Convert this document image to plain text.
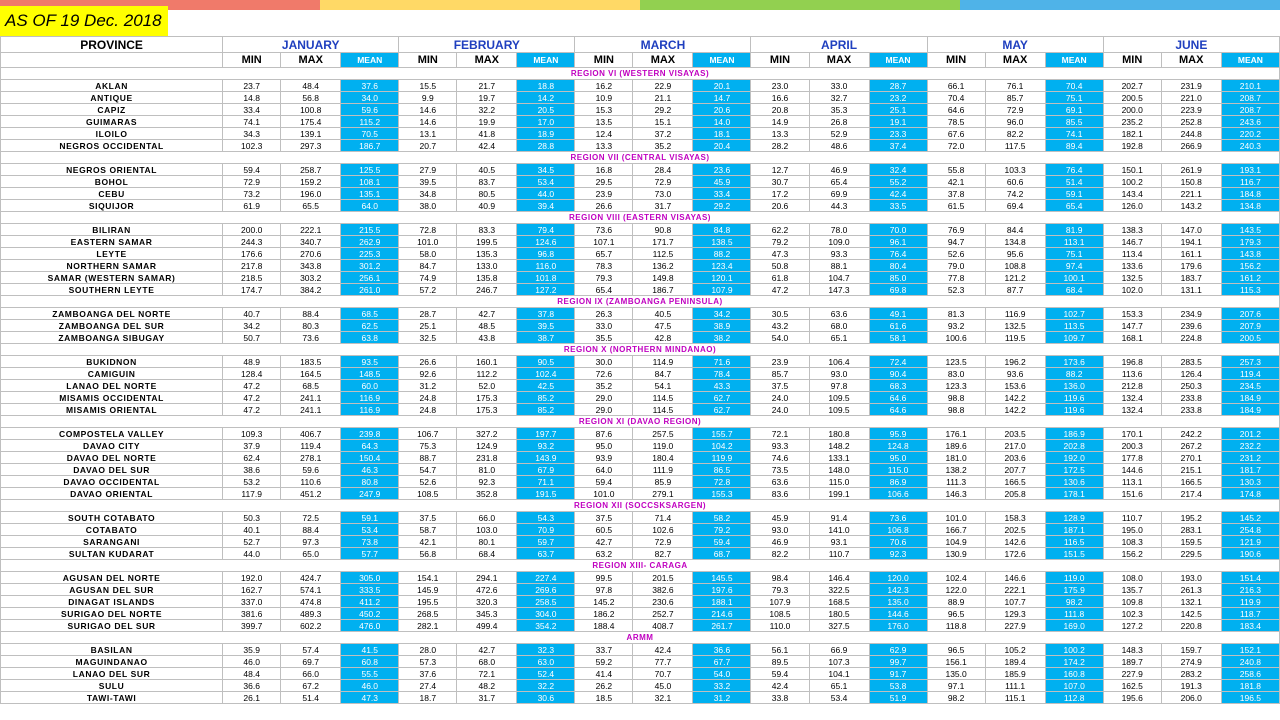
AS OF 19 Dec. 2018
PROVINCE	JANUARY			FEBRUARY			MARCH			APRIL			MAY			JUNE		
	MIN	MAX	MEAN	MIN	MAX	MEAN	MIN	MAX	MEAN	MIN	MAX	MEAN	MIN	MAX	MEAN	MIN	MAX	MEAN
REGION VI (WESTERN VISAYAS)																		
AKLAN	23.7	48.4	37.6	15.5	21.7	18.8	16.2	22.9	20.1	23.0	33.0	28.7	66.1	76.1	70.4	202.7	231.9	210.1
ANTIQUE	14.8	56.8	34.0	9.9	19.7	14.2	10.9	21.1	14.7	16.6	32.7	23.2	70.4	85.7	75.1	200.5	221.0	208.7
CAPIZ	33.4	100.8	59.6	14.6	32.2	20.5	15.3	29.2	20.6	20.8	35.3	25.1	64.6	72.9	69.1	200.0	223.9	208.7
GUIMARAS	74.1	175.4	115.2	14.6	19.9	17.0	13.5	15.1	14.0	14.9	26.8	19.1	78.5	96.0	85.5	235.2	252.8	243.6
ILOILO	34.3	139.1	70.5	13.1	41.8	18.9	12.4	37.2	18.1	13.3	52.9	23.3	67.6	82.2	74.1	182.1	244.8	220.2
NEGROS OCCIDENTAL	102.3	297.3	186.7	20.7	42.4	28.8	13.3	35.2	20.4	28.2	48.6	37.4	72.0	117.5	89.4	192.8	266.9	240.3
REGION VII (CENTRAL VISAYAS)																		
NEGROS ORIENTAL	59.4	258.7	125.5	27.9	40.5	34.5	16.8	28.4	23.6	12.7	46.9	32.4	55.8	103.3	76.4	150.1	261.9	193.1
BOHOL	72.9	159.2	108.1	39.5	83.7	53.4	29.5	72.9	45.9	30.7	65.4	55.2	42.1	60.6	51.4	100.2	150.8	116.7
CEBU	73.2	196.0	135.1	34.8	80.5	44.0	23.9	73.0	33.4	17.2	69.9	42.4	37.8	74.2	59.1	143.4	221.1	184.8
SIQUIJOR	61.9	65.5	64.0	38.0	40.9	39.4	26.6	31.7	29.2	20.6	44.3	33.5	61.5	69.4	65.4	126.0	143.2	134.8
REGION VIII (EASTERN VISAYAS)																		
BILIRAN	200.0	222.1	215.5	72.8	83.3	79.4	73.6	90.8	84.8	62.2	78.0	70.0	76.9	84.4	81.9	138.3	147.0	143.5
EASTERN SAMAR	244.3	340.7	262.9	101.0	199.5	124.6	107.1	171.7	138.5	79.2	109.0	96.1	94.7	134.8	113.1	146.7	194.1	179.3
LEYTE	176.6	270.6	225.3	58.0	135.3	96.8	65.7	112.5	88.2	47.3	93.3	76.4	52.6	95.6	75.1	113.4	161.1	143.8
NORTHERN SAMAR	217.8	343.8	301.2	84.7	133.0	116.0	78.3	136.2	123.4	50.8	88.1	80.4	79.0	108.8	97.4	133.6	179.6	156.2
SAMAR (WESTERN SAMAR)	218.5	303.2	256.1	74.9	135.8	101.8	79.3	149.8	120.1	61.8	104.7	85.0	77.8	121.2	100.1	132.5	183.7	161.2
SOUTHERN LEYTE	174.7	384.2	261.0	57.2	246.7	127.2	65.4	186.7	107.9	47.2	147.3	69.8	52.3	87.7	68.4	102.0	131.1	115.3
REGION IX (ZAMBOANGA PENINSULA)																		
ZAMBOANGA DEL NORTE	40.7	88.4	68.5	28.7	42.7	37.8	26.3	40.5	34.2	30.5	63.6	49.1	81.3	116.9	102.7	153.3	234.9	207.6
ZAMBOANGA DEL SUR	34.2	80.3	62.5	25.1	48.5	39.5	33.0	47.5	38.9	43.2	68.0	61.6	93.2	132.5	113.5	147.7	239.6	207.9
ZAMBOANGA SIBUGAY	50.7	73.6	63.8	32.5	43.8	38.7	35.5	42.8	38.2	54.0	65.1	58.1	100.6	119.5	109.7	168.1	224.8	200.5
REGION X (NORTHERN MINDANAO)																		
BUKIDNON	48.9	183.5	93.5	26.6	160.1	90.5	30.0	114.9	71.6	23.9	106.4	72.4	123.5	196.2	173.6	196.8	283.5	257.3
CAMIGUIN	128.4	164.5	148.5	92.6	112.2	102.4	72.6	84.7	78.4	85.7	93.0	90.4	83.0	93.6	88.2	113.6	126.4	119.4
LANAO DEL NORTE	47.2	68.5	60.0	31.2	52.0	42.5	35.2	54.1	43.3	37.5	97.8	68.3	123.3	153.6	136.0	212.8	250.3	234.5
MISAMIS OCCIDENTAL	47.2	241.1	116.9	24.8	175.3	85.2	29.0	114.5	62.7	24.0	109.5	64.6	98.8	142.2	119.6	132.4	233.8	184.9
MISAMIS ORIENTAL	47.2	241.1	116.9	24.8	175.3	85.2	29.0	114.5	62.7	24.0	109.5	64.6	98.8	142.2	119.6	132.4	233.8	184.9
REGION XI (DAVAO REGION)																		
COMPOSTELA VALLEY	109.3	406.7	239.8	106.7	327.2	197.7	87.6	257.5	155.7	72.1	180.8	95.9	176.1	203.5	186.9	170.1	242.2	201.2
DAVAO CITY	37.9	119.4	64.3	75.3	124.9	93.2	95.0	119.0	104.2	93.3	148.2	124.8	189.6	217.0	202.8	200.3	267.2	232.2
DAVAO DEL NORTE	62.4	278.1	150.4	88.7	231.8	143.9	93.9	180.4	119.9	74.6	133.1	95.0	181.0	203.6	192.0	177.8	270.1	231.2
DAVAO DEL SUR	38.6	59.6	46.3	54.7	81.0	67.9	64.0	111.9	86.5	73.5	148.0	115.0	138.2	207.7	172.5	144.6	215.1	181.7
DAVAO OCCIDENTAL	53.2	110.6	80.8	52.6	92.3	71.1	59.4	85.9	72.8	63.6	115.0	86.9	111.3	166.5	130.6	113.1	166.5	130.3
DAVAO ORIENTAL	117.9	451.2	247.9	108.5	352.8	191.5	101.0	279.1	155.3	83.6	199.1	106.6	146.3	205.8	178.1	151.6	217.4	174.8
REGION XII (SOCCSKSARGEN)																		
SOUTH COTABATO	50.3	72.5	59.1	37.5	66.0	54.3	37.5	71.4	58.2	45.9	91.4	73.6	101.0	158.3	128.9	110.7	195.2	145.2
COTABATO	40.1	88.4	53.4	58.7	103.0	70.9	60.5	102.6	79.2	93.0	141.0	106.8	166.7	202.5	187.1	195.0	283.1	254.8
SARANGANI	52.7	97.3	73.8	42.1	80.1	59.7	42.7	72.9	59.4	46.9	93.1	70.6	104.9	142.6	116.5	108.3	159.5	121.9
SULTAN KUDARAT	44.0	65.0	57.7	56.8	68.4	63.7	63.2	82.7	68.7	82.2	110.7	92.3	130.9	172.6	151.5	156.2	229.5	190.6
REGION XIII- CARAGA																		
AGUSAN DEL NORTE	192.0	424.7	305.0	154.1	294.1	227.4	99.5	201.5	145.5	98.4	146.4	120.0	102.4	146.6	119.0	108.0	193.0	151.4
AGUSAN DEL SUR	162.7	574.1	333.5	145.9	472.6	269.6	97.8	382.6	197.6	79.3	322.5	142.3	122.0	222.1	175.9	135.7	261.3	216.3
DINAGAT ISLANDS	337.0	474.8	411.2	195.5	320.3	258.5	145.2	230.6	188.1	107.9	168.5	135.0	88.9	107.7	98.2	109.8	132.1	119.9
SURIGAO DEL NORTE	381.6	489.3	450.2	268.5	345.3	304.0	186.2	252.7	214.6	108.5	180.5	144.6	96.5	129.3	111.8	102.3	142.5	118.7
SURIGAO DEL SUR	399.7	602.2	476.0	282.1	499.4	354.2	188.4	408.7	261.7	110.0	327.5	176.0	118.8	227.9	169.0	127.2	220.8	183.4
ARMM																		
BASILAN	35.9	57.4	41.5	28.0	42.7	32.3	33.7	42.4	36.6	56.1	66.9	62.9	96.5	105.2	100.2	148.3	159.7	152.1
MAGUINDANAO	46.0	69.7	60.8	57.3	68.0	63.0	59.2	77.7	67.7	89.5	107.3	99.7	156.1	189.4	174.2	189.7	274.9	240.8
LANAO DEL SUR	48.4	66.0	55.5	37.6	72.1	52.4	41.4	70.7	54.0	59.4	104.1	91.7	135.0	185.9	160.8	227.9	283.2	258.6
SULU	36.6	67.2	46.0	27.4	48.2	32.2	26.2	45.0	33.2	42.4	65.1	53.8	97.1	111.1	107.0	162.5	191.3	181.8
TAWI-TAWI	26.1	51.4	47.3	18.7	31.7	30.6	18.5	32.1	31.2	33.8	53.4	51.9	98.2	115.1	112.8	195.6	206.0	196.5
